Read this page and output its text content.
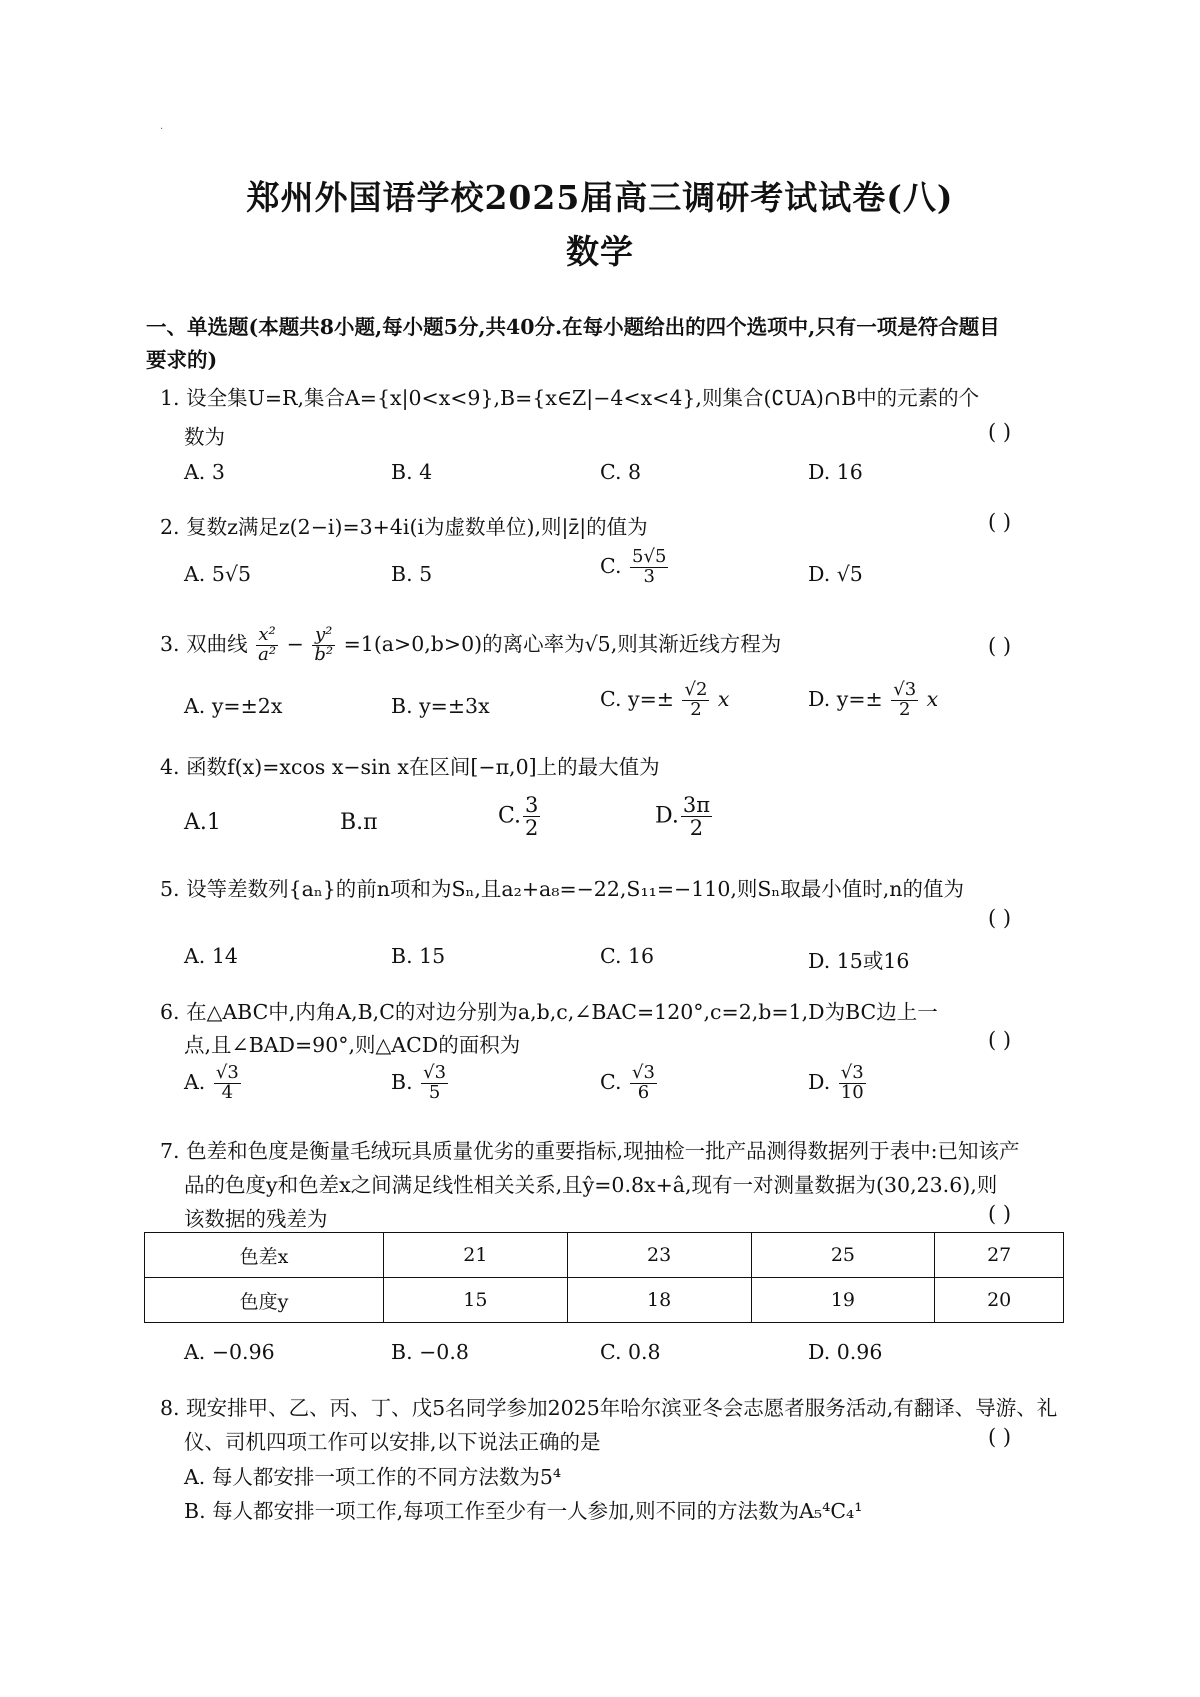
·
郑州外国语学校2025届高三调研考试试卷(八)
数学
一、单选题(本题共8小题,每小题5分,共40分.在每小题给出的四个选项中,只有一项是符合题目
要求的)
1. 设全集U=R,集合A={x|0<x<9},B={x∈Z|−4<x<4},则集合(∁UA)∩B中的元素的个
数为	( )
A. 3	B. 4	C. 8	D. 16
2. 复数z满足z(2−i)=3+4i(i为虚数单位),则|z̄|的值为	( )
A. 5√5	B. 5	C. $\frac{5√5}{3}$	D. √5
3. 双曲线 $\frac{\text{x²}}{\text{a²}} - \frac{\text{y²}}{\text{b²}} =1(a>0,b>0)$的离心率为√5,则其渐近线方程为	( )
A. y=±2x	B. y=±3x	C. $y=\pm \frac{√2}{2}$ x	D. $y=\pm \frac{√3}{2}$ x
4. 函数f(x)=xcos x−sin x在区间[−π,0]上的最大值为
A.1	B.π	C. $\frac{3}{2}$	D. $\frac{3\pi}{2}$
5. 设等差数列{aₙ}的前n项和为Sₙ,且a₂+a₈=−22,S₁₁=−110,则Sₙ取最小值时,n的值为
( )
A. 14	B. 15	C. 16	D. 15或16
6. 在△ABC中,内角A,B,C的对边分别为a,b,c,∠BAC=120°,c=2,b=1,D为BC边上一
点,且∠BAD=90°,则△ACD的面积为	( )
A. $\frac{√3}{4}$	B. $\frac{√3}{5}$	C. $\frac{√3}{6}$	D. $\frac{√3}{10}$
7. 色差和色度是衡量毛绒玩具质量优劣的重要指标,现抽检一批产品测得数据列于表中:已知该产
品的色度y和色差x之间满足线性相关关系,且ŷ=0.8x+â,现有一对测量数据为(30,23.6),则
该数据的残差为	( )
色差x	21	23	25	27
色度y	15	18	19	20
A. −0.96	B. −0.8	C. 0.8	D. 0.96
8. 现安排甲、乙、丙、丁、戊5名同学参加2025年哈尔滨亚冬会志愿者服务活动,有翻译、导游、礼
仪、司机四项工作可以安排,以下说法正确的是	( )
A. 每人都安排一项工作的不同方法数为5⁴
B. 每人都安排一项工作,每项工作至少有一人参加,则不同的方法数为A₅⁴C₄¹
